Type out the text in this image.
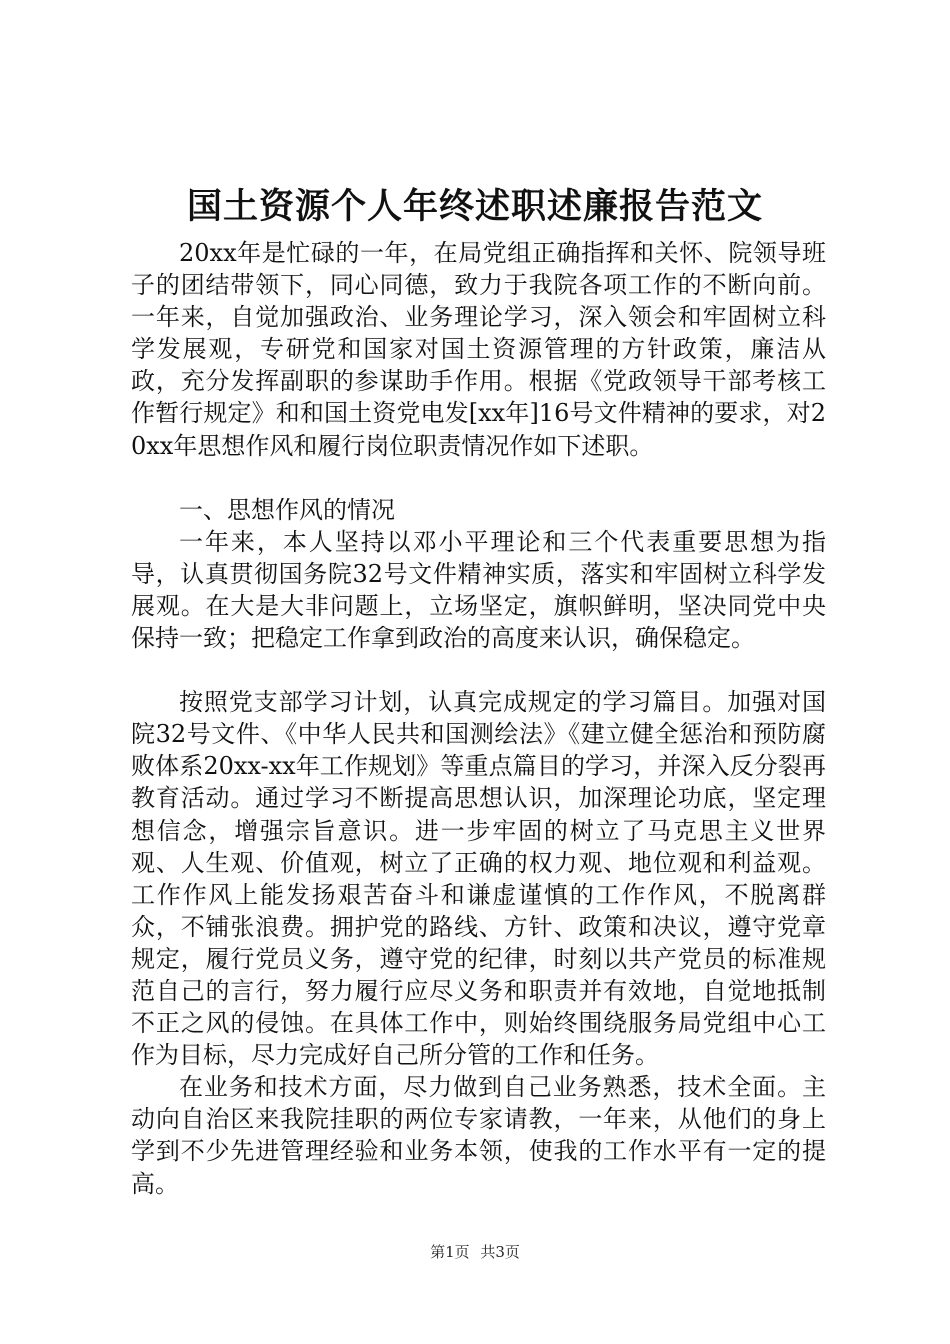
国土资源个人年终述职述廉报告范文

20xx年是忙碌的一年，在局党组正确指挥和关怀、院领导班子的团结带领下，同心同德，致力于我院各项工作的不断向前。一年来，自觉加强政治、业务理论学习，深入领会和牢固树立科学发展观，专研党和国家对国土资源管理的方针政策，廉洁从政，充分发挥副职的参谋助手作用。根据《党政领导干部考核工作暂行规定》和和国土资党电发[xx年]16号文件精神的要求，对20xx年思想作风和履行岗位职责情况作如下述职。

一、思想作风的情况

一年来，本人坚持以邓小平理论和三个代表重要思想为指导，认真贯彻国务院32号文件精神实质，落实和牢固树立科学发展观。在大是大非问题上，立场坚定，旗帜鲜明，坚决同党中央保持一致；把稳定工作拿到政治的高度来认识，确保稳定。

按照党支部学习计划，认真完成规定的学习篇目。加强对国院32号文件、《中华人民共和国测绘法》《建立健全惩治和预防腐败体系20xx-xx年工作规划》等重点篇目的学习，并深入反分裂再教育活动。通过学习不断提高思想认识，加深理论功底，坚定理想信念，增强宗旨意识。进一步牢固的树立了马克思主义世界观、人生观、价值观，树立了正确的权力观、地位观和利益观。工作作风上能发扬艰苦奋斗和谦虚谨慎的工作作风，不脱离群众，不铺张浪费。拥护党的路线、方针、政策和决议，遵守党章规定，履行党员义务，遵守党的纪律，时刻以共产党员的标准规范自己的言行，努力履行应尽义务和职责并有效地，自觉地抵制不正之风的侵蚀。在具体工作中，则始终围绕服务局党组中心工作为目标，尽力完成好自己所分管的工作和任务。

在业务和技术方面，尽力做到自己业务熟悉，技术全面。主动向自治区来我院挂职的两位专家请教，一年来，从他们的身上学到不少先进管理经验和业务本领，使我的工作水平有一定的提高。

第1页 共3页
